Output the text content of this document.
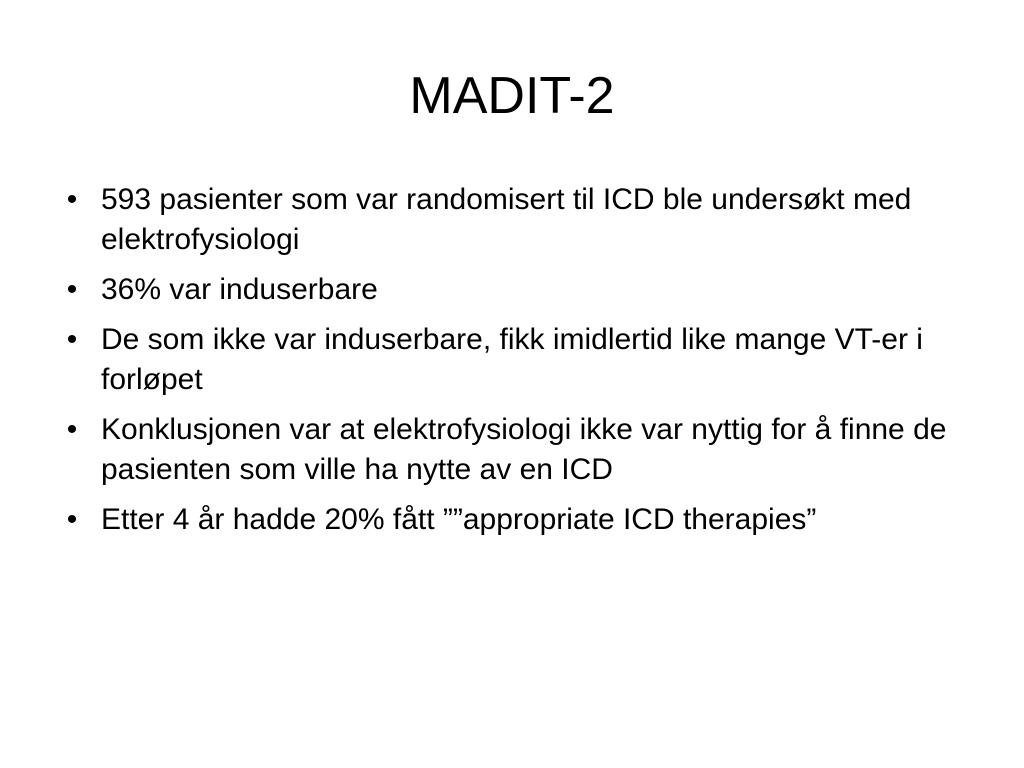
MADIT-2
• 593 pasienter som var randomisert til ICD ble undersøkt med elektrofysiologi
• 36% var induserbare
• De som ikke var induserbare, fikk imidlertid like mange VT-er i forløpet
• Konklusjonen var at elektrofysiologi ikke var nyttig for å finne de pasienten som ville ha nytte av en ICD
• Etter 4 år hadde 20% fått ””appropriate ICD therapies”
